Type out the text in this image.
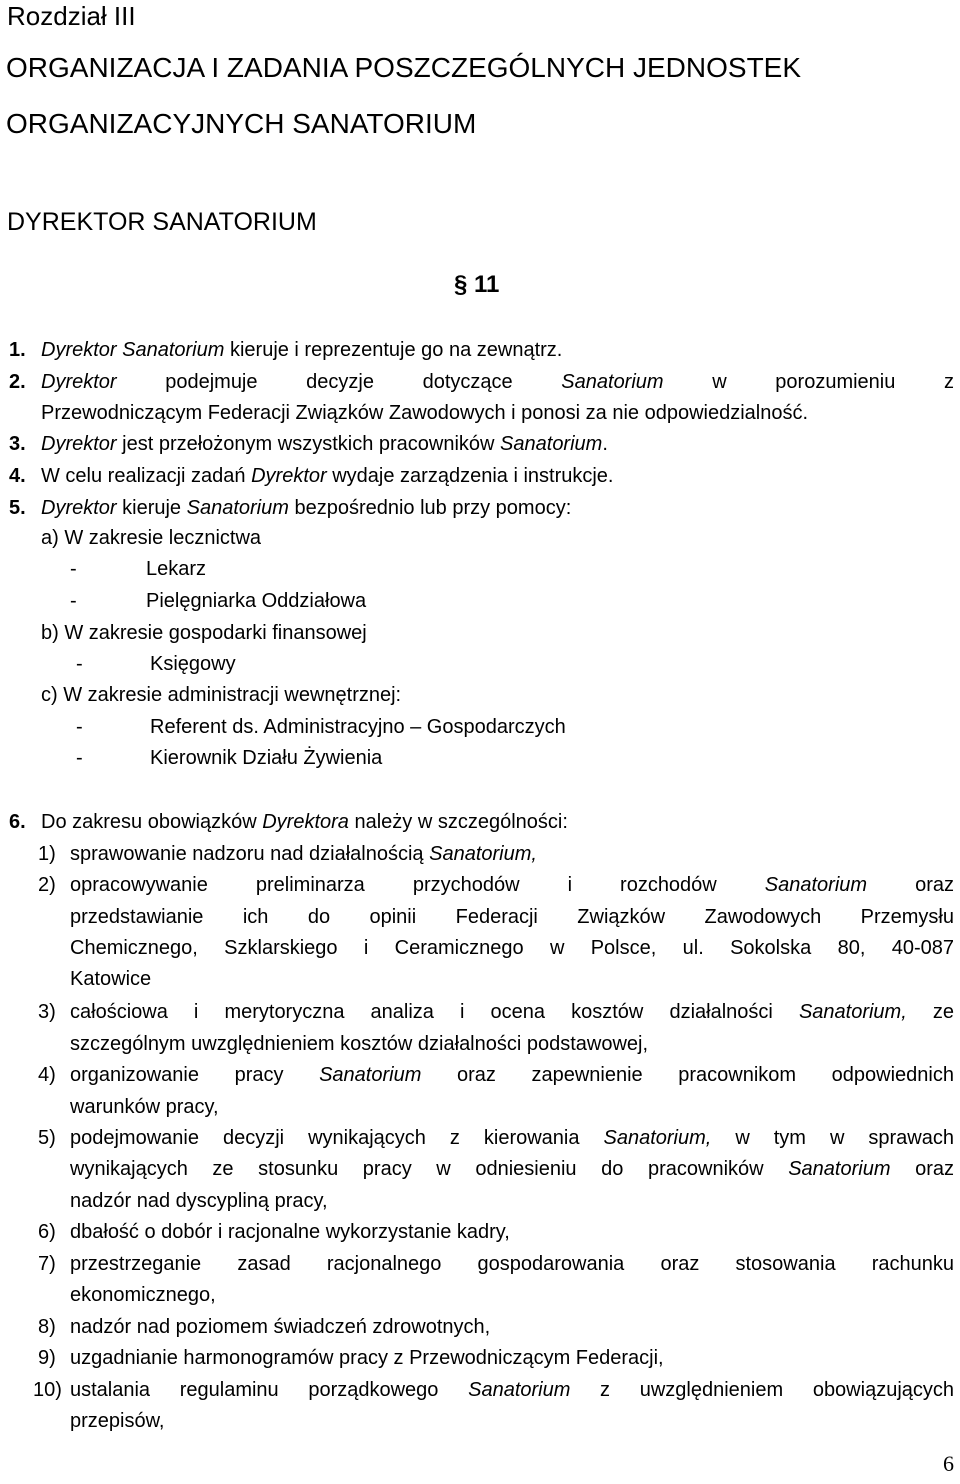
Rozdział III
ORGANIZACJA I ZADANIA POSZCZEGÓLNYCH JEDNOSTEK
ORGANIZACYJNYCH SANATORIUM
DYREKTOR SANATORIUM
§ 11
1. Dyrektor Sanatorium kieruje i reprezentuje go na zewnątrz.
2. Dyrektor podejmuje decyzje dotyczące Sanatorium w porozumieniu z
Przewodniczącym Federacji Związków Zawodowych i ponosi za nie odpowiedzialność.
3. Dyrektor jest przełożonym wszystkich pracowników Sanatorium.
4. W celu realizacji zadań Dyrektor wydaje zarządzenia i instrukcje.
5. Dyrektor kieruje Sanatorium bezpośrednio lub przy pomocy:
a) W zakresie lecznictwa
-	Lekarz
-	Pielęgniarka Oddziałowa
b) W zakresie gospodarki finansowej
-	Księgowy
c) W zakresie administracji wewnętrznej:
-	Referent ds. Administracyjno – Gospodarczych
-	Kierownik Działu Żywienia
6. Do zakresu obowiązków Dyrektora należy w szczególności:
1) sprawowanie nadzoru nad działalnością Sanatorium,
2) opracowywanie preliminarza przychodów i rozchodów Sanatorium oraz
przedstawianie ich do opinii Federacji Związków Zawodowych Przemysłu
Chemicznego, Szklarskiego i Ceramicznego w Polsce, ul. Sokolska 80, 40-087
Katowice
3) całościowa i merytoryczna analiza i ocena kosztów działalności Sanatorium, ze
szczególnym uwzględnieniem kosztów działalności podstawowej,
4) organizowanie pracy Sanatorium oraz zapewnienie pracownikom odpowiednich
warunków pracy,
5) podejmowanie decyzji wynikających z kierowania Sanatorium, w tym w sprawach
wynikających ze stosunku pracy w odniesieniu do pracowników Sanatorium oraz
nadzór nad dyscypliną pracy,
6) dbałość o dobór i racjonalne wykorzystanie kadry,
7) przestrzeganie zasad racjonalnego gospodarowania oraz stosowania rachunku
ekonomicznego,
8) nadzór nad poziomem świadczeń zdrowotnych,
9) uzgadnianie harmonogramów pracy z Przewodniczącym Federacji,
10) ustalania regulaminu porządkowego Sanatorium z uwzględnieniem obowiązujących
przepisów,
6
